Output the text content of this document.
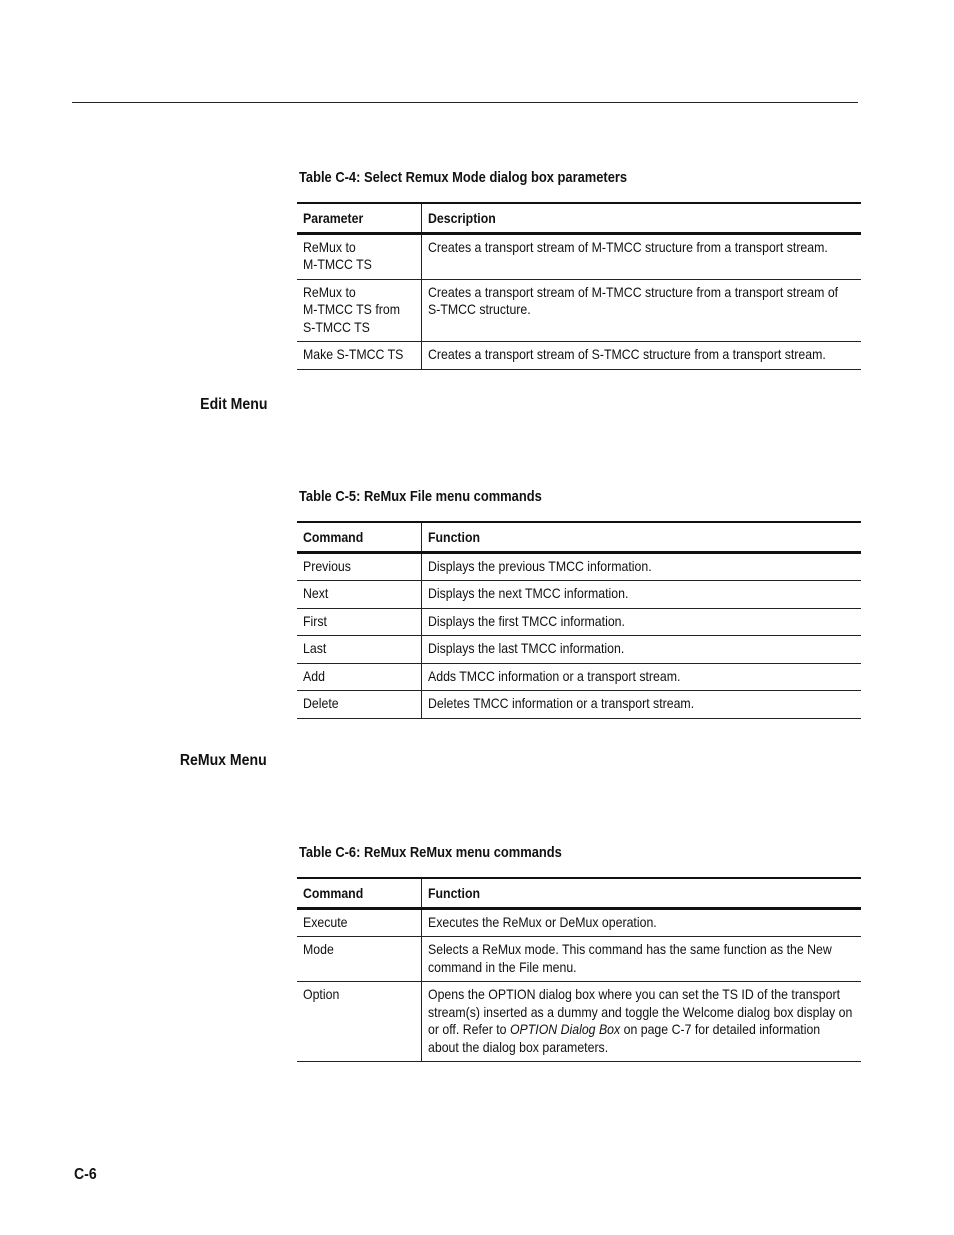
Table C-4: Select Remux Mode dialog box parameters
Parameter	Description

ReMux to
M-TMCC TS	Creates a transport stream of M-TMCC structure from a transport stream.

ReMux to
M-TMCC TS from
S-TMCC TS	Creates a transport stream of M-TMCC structure from a transport stream of S-TMCC structure.

Make S-TMCC TS	Creates a transport stream of S-TMCC structure from a transport stream.
Edit Menu
Table C-5: ReMux File menu commands
Command	Function
Previous	Displays the previous TMCC information.
Next	Displays the next TMCC information.
First	Displays the first TMCC information.
Last	Displays the last TMCC information.
Add	Adds TMCC information or a transport stream.
Delete	Deletes TMCC information or a transport stream.
ReMux Menu
Table C-6: ReMux ReMux menu commands
Command	Function
Execute	Executes the ReMux or DeMux operation.

Mode	Selects a ReMux mode. This command has the same function as the New command in the File menu.

Option	Opens the OPTION dialog box where you can set the TS ID of the transport stream(s) inserted as a dummy and toggle the Welcome dialog box display on or off. Refer to OPTION Dialog Box on page C-7 for detailed information about the dialog box parameters.
C-6
